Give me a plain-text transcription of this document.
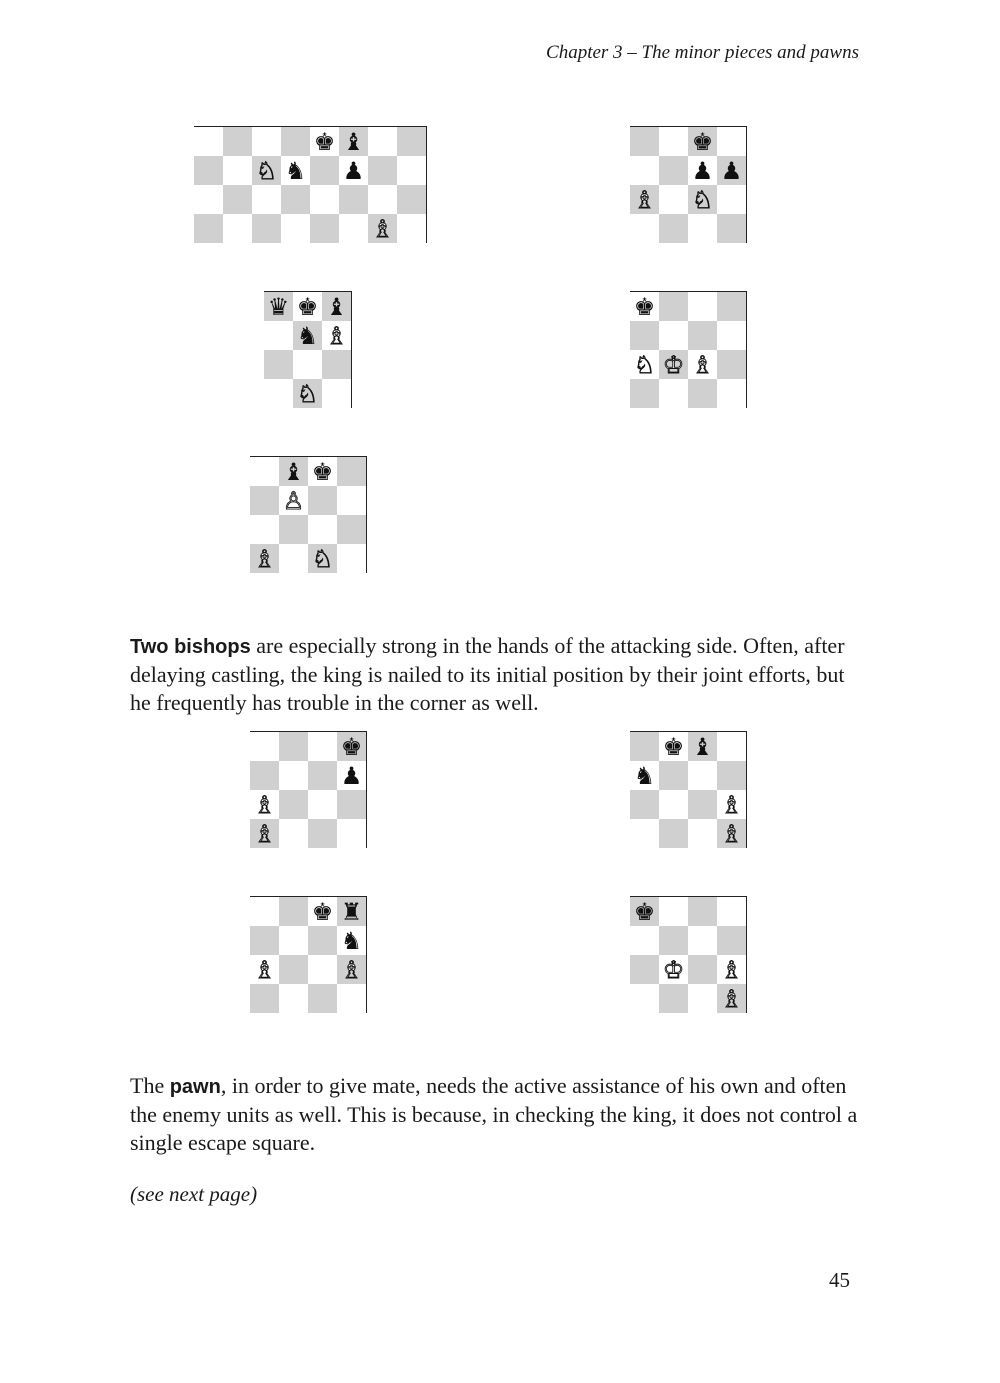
Chapter 3 – The minor pieces and pawns
♚ ♝
♘ ♞ ♟
♗
♚
♟ ♟
♗ ♘
♛ ♚ ♝
♞ ♗
♘
♚
♘ ♔ ♗
♝ ♚
♙
♗ ♘

Two bishops are especially strong in the hands of the attacking side. Often, after delaying castling, the king is nailed to its initial position by their joint efforts, but he frequently has trouble in the corner as well.

♚
♟
♗
♗
♚ ♝
♞
♗
♗
♚ ♜
♞
♗	♗
♚
♔ ♗
♗

The pawn, in order to give mate, needs the active assistance of his own and often the enemy units as well. This is because, in checking the king, it does not control a single escape square.

(see next page)
45
